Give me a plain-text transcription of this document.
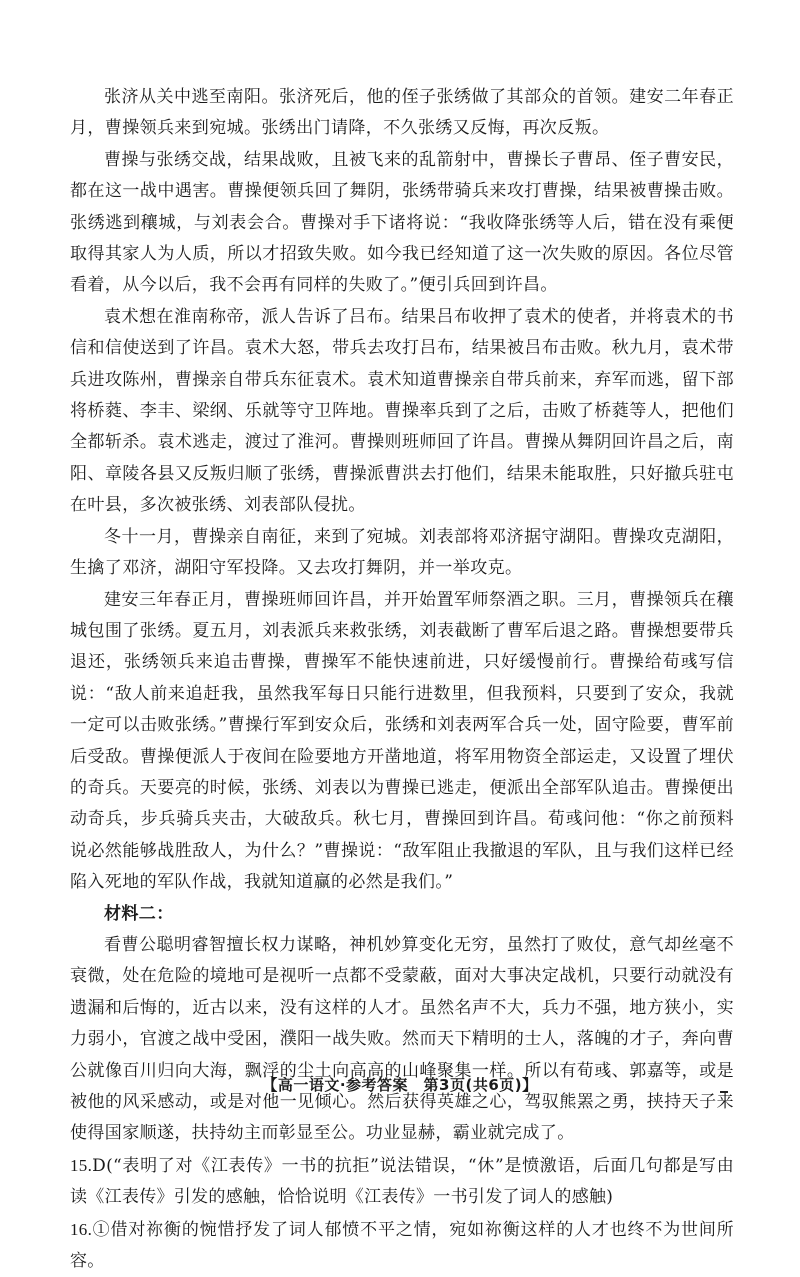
张济从关中逃至南阳。张济死后，他的侄子张绣做了其部众的首领。建安二年春正月，曹操领兵来到宛城。张绣出门请降，不久张绣又反悔，再次反叛。

曹操与张绣交战，结果战败，且被飞来的乱箭射中，曹操长子曹昂、侄子曹安民，都在这一战中遇害。曹操便领兵回了舞阴，张绣带骑兵来攻打曹操，结果被曹操击败。张绣逃到穰城，与刘表会合。曹操对手下诸将说：“我收降张绣等人后，错在没有乘便取得其家人为人质，所以才招致失败。如今我已经知道了这一次失败的原因。各位尽管看着，从今以后，我不会再有同样的失败了。”便引兵回到许昌。

袁术想在淮南称帝，派人告诉了吕布。结果吕布收押了袁术的使者，并将袁术的书信和信使送到了许昌。袁术大怒，带兵去攻打吕布，结果被吕布击败。秋九月，袁术带兵进攻陈州，曹操亲自带兵东征袁术。袁术知道曹操亲自带兵前来，弃军而逃，留下部将桥蕤、李丰、梁纲、乐就等守卫阵地。曹操率兵到了之后，击败了桥蕤等人，把他们全都斩杀。袁术逃走，渡过了淮河。曹操则班师回了许昌。曹操从舞阴回许昌之后，南阳、章陵各县又反叛归顺了张绣，曹操派曹洪去打他们，结果未能取胜，只好撤兵驻屯在叶县，多次被张绣、刘表部队侵扰。

冬十一月，曹操亲自南征，来到了宛城。刘表部将邓济据守湖阳。曹操攻克湖阳，生擒了邓济，湖阳守军投降。又去攻打舞阴，并一举攻克。

建安三年春正月，曹操班师回许昌，并开始置军师祭酒之职。三月，曹操领兵在穰城包围了张绣。夏五月，刘表派兵来救张绣，刘表截断了曹军后退之路。曹操想要带兵退还，张绣领兵来追击曹操，曹操军不能快速前进，只好缓慢前行。曹操给荀彧写信说：“敌人前来追赶我，虽然我军每日只能行进数里，但我预料，只要到了安众，我就一定可以击败张绣。”曹操行军到安众后，张绣和刘表两军合兵一处，固守险要，曹军前后受敌。曹操便派人于夜间在险要地方开凿地道，将军用物资全部运走，又设置了埋伏的奇兵。天要亮的时候，张绣、刘表以为曹操已逃走，便派出全部军队追击。曹操便出动奇兵，步兵骑兵夹击，大破敌兵。秋七月，曹操回到许昌。荀彧问他：“你之前预料说必然能够战胜敌人，为什么？”曹操说：“敌军阻止我撤退的军队，且与我们这样已经陷入死地的军队作战，我就知道赢的必然是我们。”

材料二：

看曹公聪明睿智擅长权力谋略，神机妙算变化无穷，虽然打了败仗，意气却丝毫不衰微，处在危险的境地可是视听一点都不受蒙蔽，面对大事决定战机，只要行动就没有遗漏和后悔的，近古以来，没有这样的人才。虽然名声不大，兵力不强，地方狭小，实力弱小，官渡之战中受困，濮阳一战失败。然而天下精明的士人，落魄的才子，奔向曹公就像百川归向大海，飘浮的尘土向高高的山峰聚集一样。所以有荀彧、郭嘉等，或是被他的风采感动，或是对他一见倾心。然后获得英雄之心，驾驭熊罴之勇，挟持天子来使得国家顺遂，扶持幼主而彰显至公。功业显赫，霸业就完成了。

15.D(“表明了对《江表传》一书的抗拒”说法错误，“休”是愤激语，后面几句都是写由读《江表传》引发的感触，恰恰说明《江表传》一书引发了词人的感触)

16.①借对祢衡的惋惜抒发了词人郁愤不平之情，宛如祢衡这样的人才也终不为世间所容。

【高一语文·参考答案　第3页(共6页)】
